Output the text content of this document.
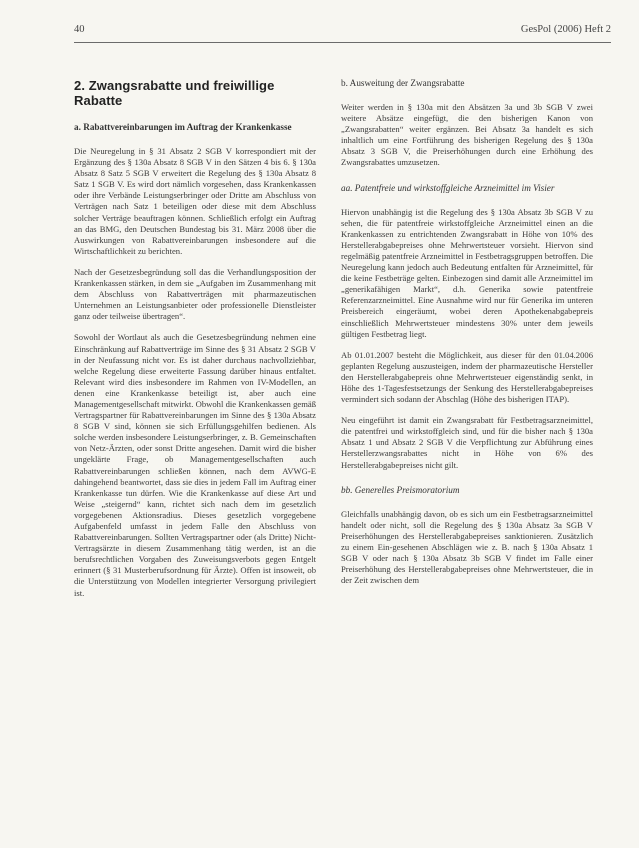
40	GesPol (2006) Heft 2
2. Zwangsrabatte und freiwillige Rabatte
a. Rabattvereinbarungen im Auftrag der Krankenkasse

Die Neuregelung in § 31 Absatz 2 SGB V korrespondiert mit der Ergänzung des § 130a Absatz 8 SGB V in den Sätzen 4 bis 6. § 130a Absatz 8 Satz 5 SGB V erweitert die Regelung des § 130a Absatz 8 Satz 1 SGB V. Es wird dort nämlich vorgesehen, dass Krankenkassen oder ihre Verbände Leistungserbringer oder Dritte am Abschluss von Verträgen nach Satz 1 beteiligen oder diese mit dem Abschluss solcher Verträge beauftragen können. Schließlich erfolgt ein Auftrag an das BMG, den Deutschen Bundestag bis 31. März 2008 über die Auswirkungen von Rabattvereinbarungen insbesondere auf die Wirtschaftlichkeit zu berichten.

Nach der Gesetzesbegründung soll das die Verhandlungsposition der Krankenkassen stärken, in dem sie „Aufgaben im Zusammenhang mit dem Abschluss von Rabattverträgen mit pharmazeutischen Unternehmen an Leistungsanbieter oder professionelle Dienstleister ganz oder teilweise übertragen“.

Sowohl der Wortlaut als auch die Gesetzesbegründung nehmen eine Einschränkung auf Rabattverträge im Sinne des § 31 Absatz 2 SGB V in der Neufassung nicht vor. Es ist daher durchaus nachvollziehbar, welche Regelung diese erweiterte Fassung darüber hinaus entfaltet. Relevant wird dies insbesondere im Rahmen von IV-Modellen, an denen eine Krankenkasse beteiligt ist, aber auch eine Managementgesellschaft mitwirkt. Obwohl die Krankenkassen gemäß Vertragspartner für Rabattvereinbarungen im Sinne des § 130a Absatz 8 SGB V sind, können sie sich Erfüllungsgehilfen bedienen. Als solche werden insbesondere Leistungserbringer, z. B. Gemeinschaften von Netz-Ärzten, oder sonst Dritte angesehen. Damit wird die bisher ungeklärte Frage, ob Managementgesellschaften auch Rabattvereinbarungen schließen können, nach dem AVWG-E dahingehend beantwortet, dass sie dies in jedem Fall im Auftrag einer Krankenkasse tun dürfen. Wie die Krankenkasse auf diese Art und Weise „steigernd“ kann, richtet sich nach dem im gesetzlich vorgegebenen Aktionsradius. Dieses gesetzlich vorgegebene Aufgabenfeld umfasst in jedem Falle den Abschluss von Rabattvereinbarungen. Sollten Vertragspartner oder (als Dritte) Nicht-Vertragsärzte in diesem Zusammenhang tätig werden, ist an die berufsrechtlichen Vorgaben des Zuweisungsverbots gegen Entgelt erinnert (§ 31 Musterberufsordnung für Ärzte). Offen ist insoweit, ob die Unterstützung von Modellen integrierter Versorgung privilegiert ist.

b. Ausweitung der Zwangsrabatte

Weiter werden in § 130a mit den Absätzen 3a und 3b SGB V zwei weitere Absätze eingefügt, die den bisherigen Kanon von „Zwangsrabatten“ weiter ergänzen. Bei Absatz 3a handelt es sich inhaltlich um eine Fortführung des bisherigen Regelung des § 130a Absatz 3 SGB V, die Preiserhöhungen durch eine Erhöhung des Zwangsrabattes umzusetzen.

aa. Patentfreie und wirkstoffgleiche Arzneimittel im Visier

Hiervon unabhängig ist die Regelung des § 130a Absatz 3b SGB V zu sehen, die für patentfreie wirkstoffgleiche Arzneimittel einen an die Krankenkassen zu entrichtenden Zwangsrabatt in Höhe von 10% des Herstellerabgabepreises ohne Mehrwertsteuer vorsieht. Hiervon sind regelmäßig patentfreie Arzneimittel in Festbetragsgruppen betroffen. Die Neuregelung kann jedoch auch Bedeutung entfalten für Arzneimittel, für die keine Festbeträge gelten. Einbezogen sind damit alle Arzneimittel im „generikafähigen Markt“, d.h. Generika sowie patentfreie Referenzarzneimittel. Eine Ausnahme wird nur für Generika im unteren Preisbereich eingeräumt, wobei deren Apothekenabgabepreis einschließlich Mehrwertsteuer mindestens 30% unter dem jeweils gültigen Festbetrag liegt.

Ab 01.01.2007 besteht die Möglichkeit, aus dieser für den 01.04.2006 geplanten Regelung auszusteigen, indem der pharmazeutische Hersteller den Herstellerabgabepreis ohne Mehrwertsteuer eigenständig senkt, in Höhe des 1-Tagesfestsetzungs der Senkung des Herstellerabgabepreises vermindert sich sodann der Abschlag (Höhe des bisherigen ITAP).

Neu eingeführt ist damit ein Zwangsrabatt für Festbetragsarzneimittel, die patentfrei und wirkstoffgleich sind, und für die bisher nach § 130a Absatz 1 und Absatz 2 SGB V die Verpflichtung zur Abführung eines Herstellerzwangsrabattes nicht in Höhe von 6% des Herstellerabgabepreises nicht gilt.

bb. Generelles Preismoratorium

Gleichfalls unabhängig davon, ob es sich um ein Festbetragsarzneimittel handelt oder nicht, soll die Regelung des § 130a Absatz 3a SGB V Preiserhöhungen des Herstellerabgabepreises sanktionieren. Zusätzlich zu einem Ein-gesehenen Abschlägen wie z. B. nach § 130a Absatz 1 SGB V oder nach § 130a Absatz 3b SGB V findet im Falle einer Preiserhöhung des Herstellerabgabepreises ohne Mehrwertsteuer, die in der Zeit zwischen dem
